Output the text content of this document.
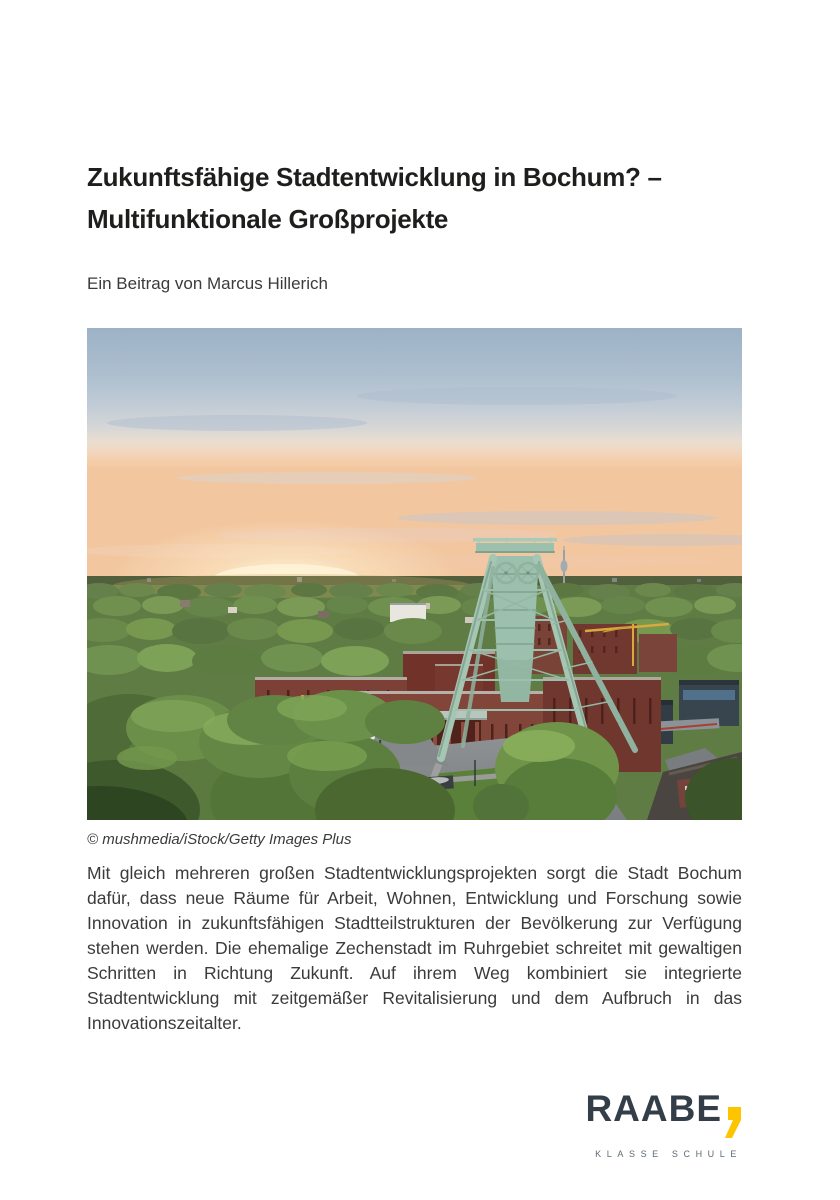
Zukunftsfähige Stadtentwicklung in Bochum? –
Multifunktionale Großprojekte

Ein Beitrag von Marcus Hillerich

© mushmedia/iStock/Getty Images Plus

Mit gleich mehreren großen Stadtentwicklungsprojekten sorgt die Stadt Bochum dafür, dass neue Räume für Arbeit, Wohnen, Entwicklung und Forschung sowie Innovation in zukunftsfähigen Stadtteilstrukturen der Bevölkerung zur Verfügung stehen werden. Die ehemalige Zechenstadt im Ruhrgebiet schreitet mit gewaltigen Schritten in Richtung Zukunft. Auf ihrem Weg kombiniert sie integrierte Stadtentwicklung mit zeitgemäßer Revitalisierung und dem Aufbruch in das Innovationszeitalter.

RAABE
KLASSE SCHULE
